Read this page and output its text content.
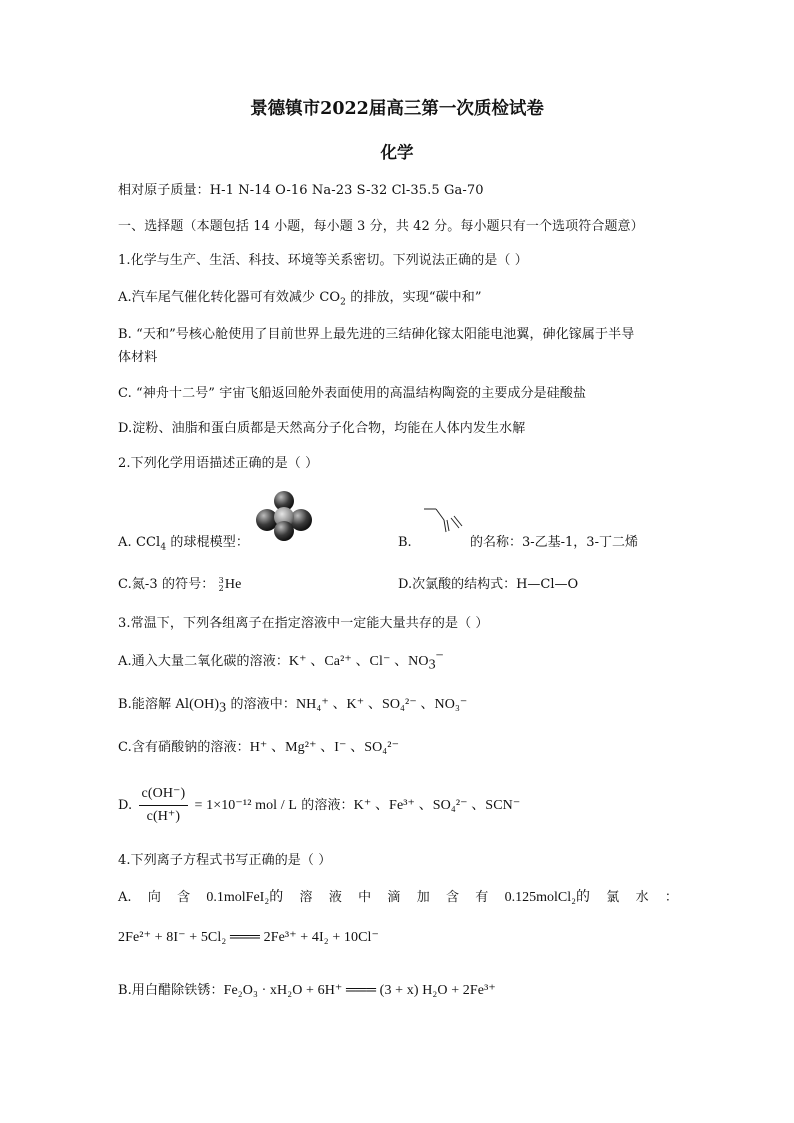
景德镇市2022届高三第一次质检试卷
化学
相对原子质量：H-1 N-14 O-16 Na-23 S-32 Cl-35.5 Ga-70
一、选择题（本题包括 14 小题，每小题 3 分，共 42 分。每小题只有一个选项符合题意）
1.化学与生产、生活、科技、环境等关系密切。下列说法正确的是（ ）
A.汽车尾气催化转化器可有效减少 $CO_2$ 的排放，实现“碳中和”
B. “天和”号核心舱使用了目前世界上最先进的三结砷化镓太阳能电池翼，砷化镓属于半导
体材料
C. “神舟十二号” 宇宙飞船返回舱外表面使用的高温结构陶瓷的主要成分是硅酸盐
D.淀粉、油脂和蛋白质都是天然高分子化合物，均能在人体内发生水解
2.下列化学用语描述正确的是（ ）
A. CCl$_4$ 的球棍模型：	B.	的名称：3-乙基-1，3-丁二烯
C.氮-3 的符号： 3
2 He	D.次氯酸的结构式：H—Cl—O
3.常温下，下列各组离子在指定溶液中一定能大量共存的是（ ）
A.通入大量二氧化碳的溶液：K⁺ 、Ca²⁺ 、Cl⁻ 、$NO_3^-$
B.能溶解 $Al(OH)_3$ 的溶液中：NH₄⁺ 、K⁺ 、SO₄²⁻ 、NO₃⁻
C.含有硝酸钠的溶液：H⁺ 、Mg²⁺ 、I⁻ 、SO₄²⁻
D. $\frac{c(OH^-)}{c(H^+)} = 1\times 10^{-12}$ mol / L 的溶液：K⁺ 、Fe³⁺ 、SO₄²⁻ 、SCN⁻
4.下列离子方程式书写正确的是（ ）
A. 向 含 0.1molFeI₂的 溶 液 中 滴 加 含 有 0.125molCl₂的 氯 水 ：
2Fe²⁺ + 8I⁻ + 5Cl₂ ═══ 2Fe³⁺ + 4I₂ + 10Cl⁻
B.用白醋除铁锈：Fe₂O₃ · xH₂O + 6H⁺ ═══ (3 + x) H₂O + 2Fe³⁺
